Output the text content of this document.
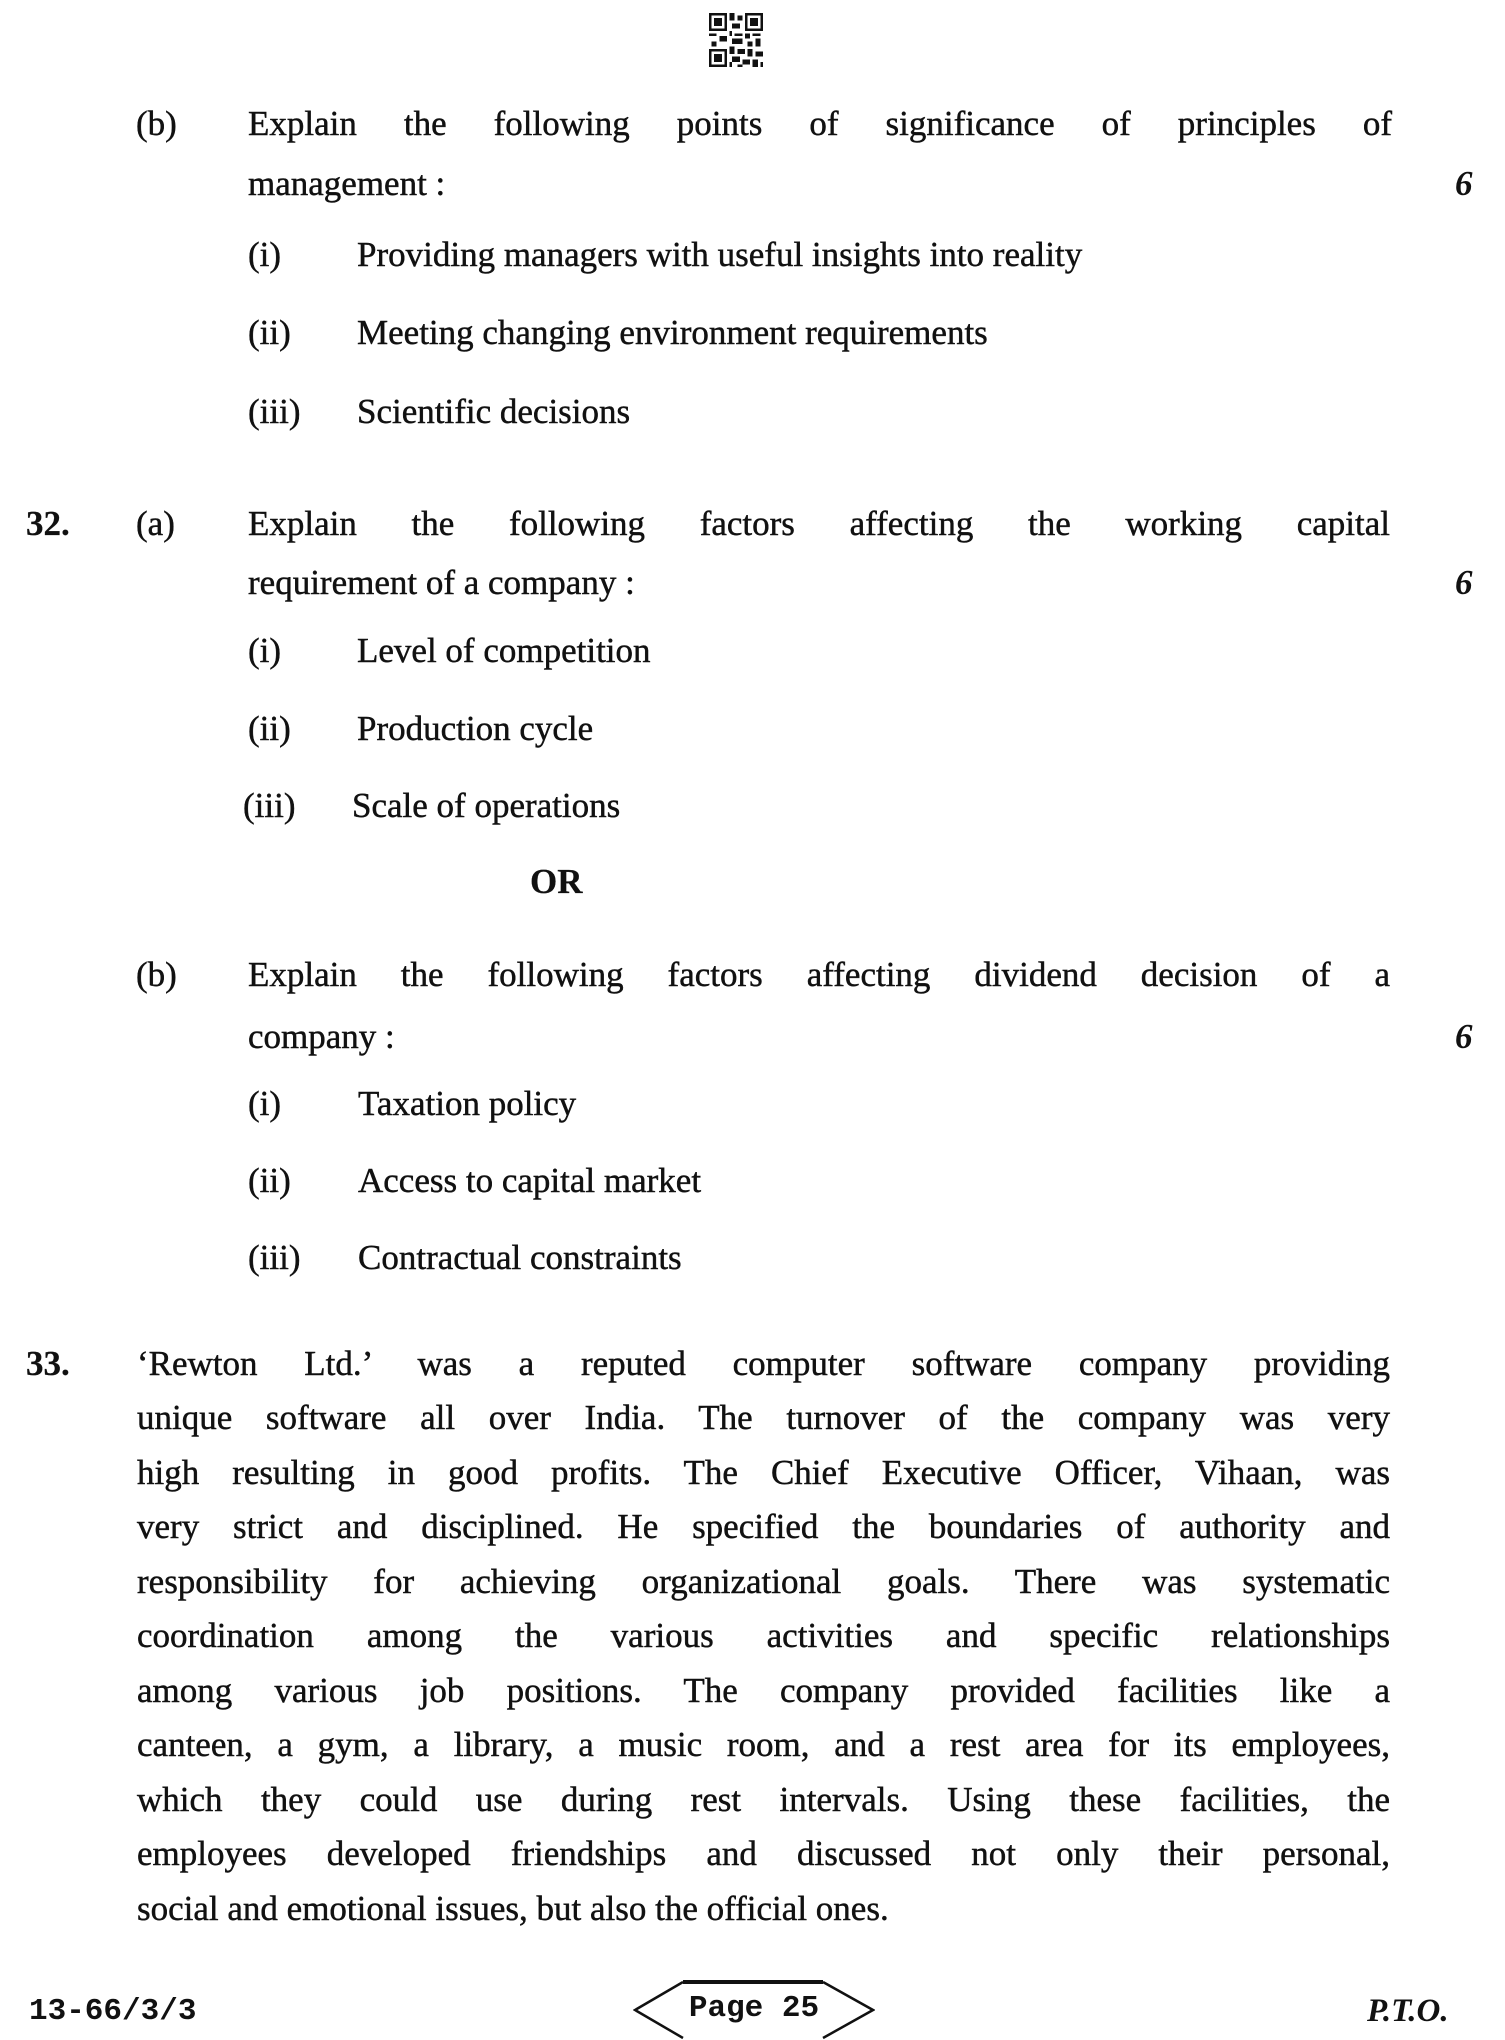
(b) Explain the following points of significance of principles of
management :	6
(i) Providing managers with useful insights into reality
(ii) Meeting changing environment requirements
(iii) Scientific decisions
32. (a) Explain the following factors affecting the working capital
requirement of a company :	6
(i) Level of competition
(ii) Production cycle
(iii) Scale of operations
OR
(b) Explain the following factors affecting dividend decision of a
company :	6
(i) Taxation policy
(ii) Access to capital market
(iii) Contractual constraints
33. ‘Rewton Ltd.’ was a reputed computer software company providing
unique software all over India. The turnover of the company was very
high resulting in good profits. The Chief Executive Officer, Vihaan, was
very strict and disciplined. He specified the boundaries of authority and
responsibility for achieving organizational goals. There was systematic
coordination among the various activities and specific relationships
among various job positions. The company provided facilities like a
canteen, a gym, a library, a music room, and a rest area for its employees,
which they could use during rest intervals. Using these facilities, the
employees developed friendships and discussed not only their personal,
social and emotional issues, but also the official ones.
13-66/3/3	Page 25	P.T.O.
